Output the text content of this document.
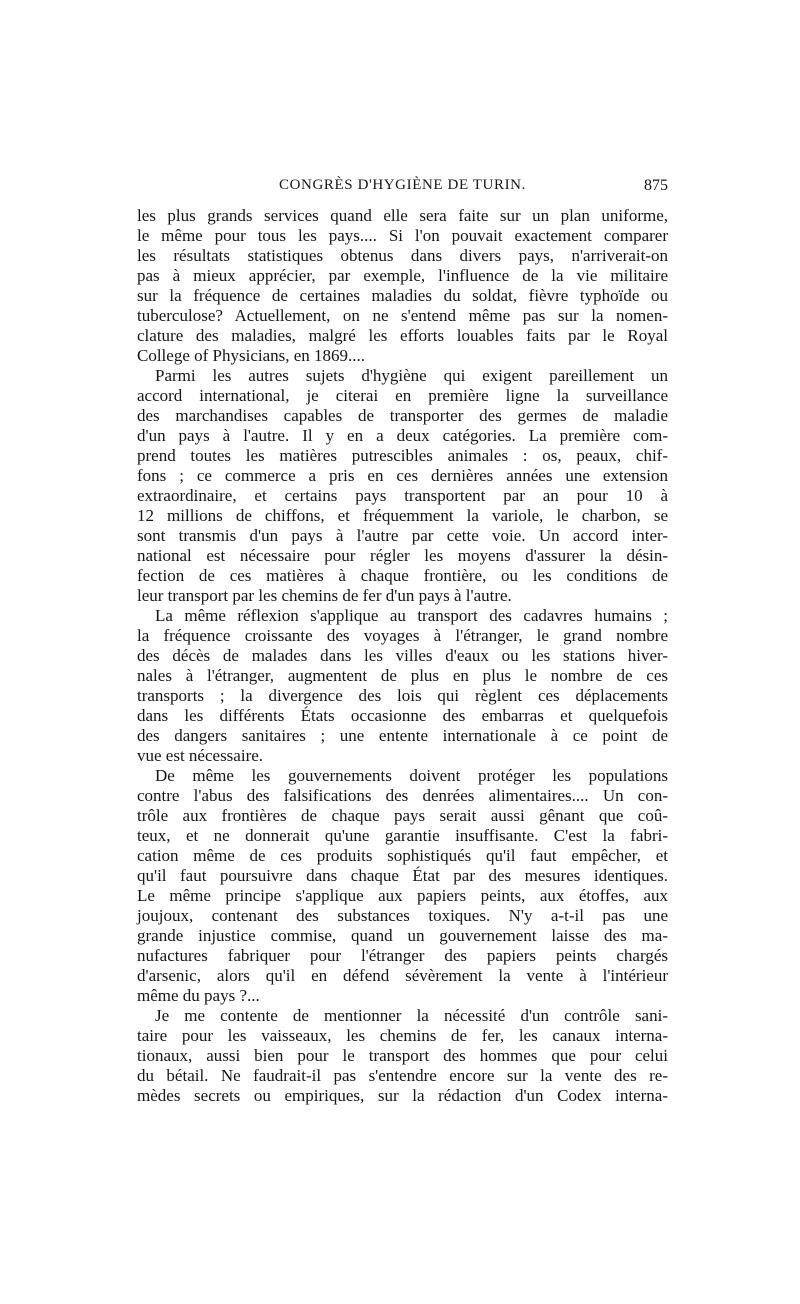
CONGRÈS D'HYGIÈNE DE TURIN.	875
les plus grands services quand elle sera faite sur un plan uniforme,
le même pour tous les pays.... Si l'on pouvait exactement comparer
les résultats statistiques obtenus dans divers pays, n'arriverait-on
pas à mieux apprécier, par exemple, l'influence de la vie militaire
sur la fréquence de certaines maladies du soldat, fièvre typhoïde ou
tuberculose? Actuellement, on ne s'entend même pas sur la nomen-
clature des maladies, malgré les efforts louables faits par le Royal
College of Physicians, en 1869....
Parmi les autres sujets d'hygiène qui exigent pareillement un
accord international, je citerai en première ligne la surveillance
des marchandises capables de transporter des germes de maladie
d'un pays à l'autre. Il y en a deux catégories. La première com-
prend toutes les matières putrescibles animales : os, peaux, chif-
fons ; ce commerce a pris en ces dernières années une extension
extraordinaire, et certains pays transportent par an pour 10 à
12 millions de chiffons, et fréquemment la variole, le charbon, se
sont transmis d'un pays à l'autre par cette voie. Un accord inter-
national est nécessaire pour régler les moyens d'assurer la désin-
fection de ces matières à chaque frontière, ou les conditions de
leur transport par les chemins de fer d'un pays à l'autre.
La même réflexion s'applique au transport des cadavres humains ;
la fréquence croissante des voyages à l'étranger, le grand nombre
des décès de malades dans les villes d'eaux ou les stations hiver-
nales à l'étranger, augmentent de plus en plus le nombre de ces
transports ; la divergence des lois qui règlent ces déplacements
dans les différents États occasionne des embarras et quelquefois
des dangers sanitaires ; une entente internationale à ce point de
vue est nécessaire.
De même les gouvernements doivent protéger les populations
contre l'abus des falsifications des denrées alimentaires.... Un con-
trôle aux frontières de chaque pays serait aussi gênant que coû-
teux, et ne donnerait qu'une garantie insuffisante. C'est la fabri-
cation même de ces produits sophistiqués qu'il faut empêcher, et
qu'il faut poursuivre dans chaque État par des mesures identiques.
Le même principe s'applique aux papiers peints, aux étoffes, aux
joujoux, contenant des substances toxiques. N'y a-t-il pas une
grande injustice commise, quand un gouvernement laisse des ma-
nufactures fabriquer pour l'étranger des papiers peints chargés
d'arsenic, alors qu'il en défend sévèrement la vente à l'intérieur
même du pays ?...
Je me contente de mentionner la nécessité d'un contrôle sani-
taire pour les vaisseaux, les chemins de fer, les canaux interna-
tionaux, aussi bien pour le transport des hommes que pour celui
du bétail. Ne faudrait-il pas s'entendre encore sur la vente des re-
mèdes secrets ou empiriques, sur la rédaction d'un Codex interna-
